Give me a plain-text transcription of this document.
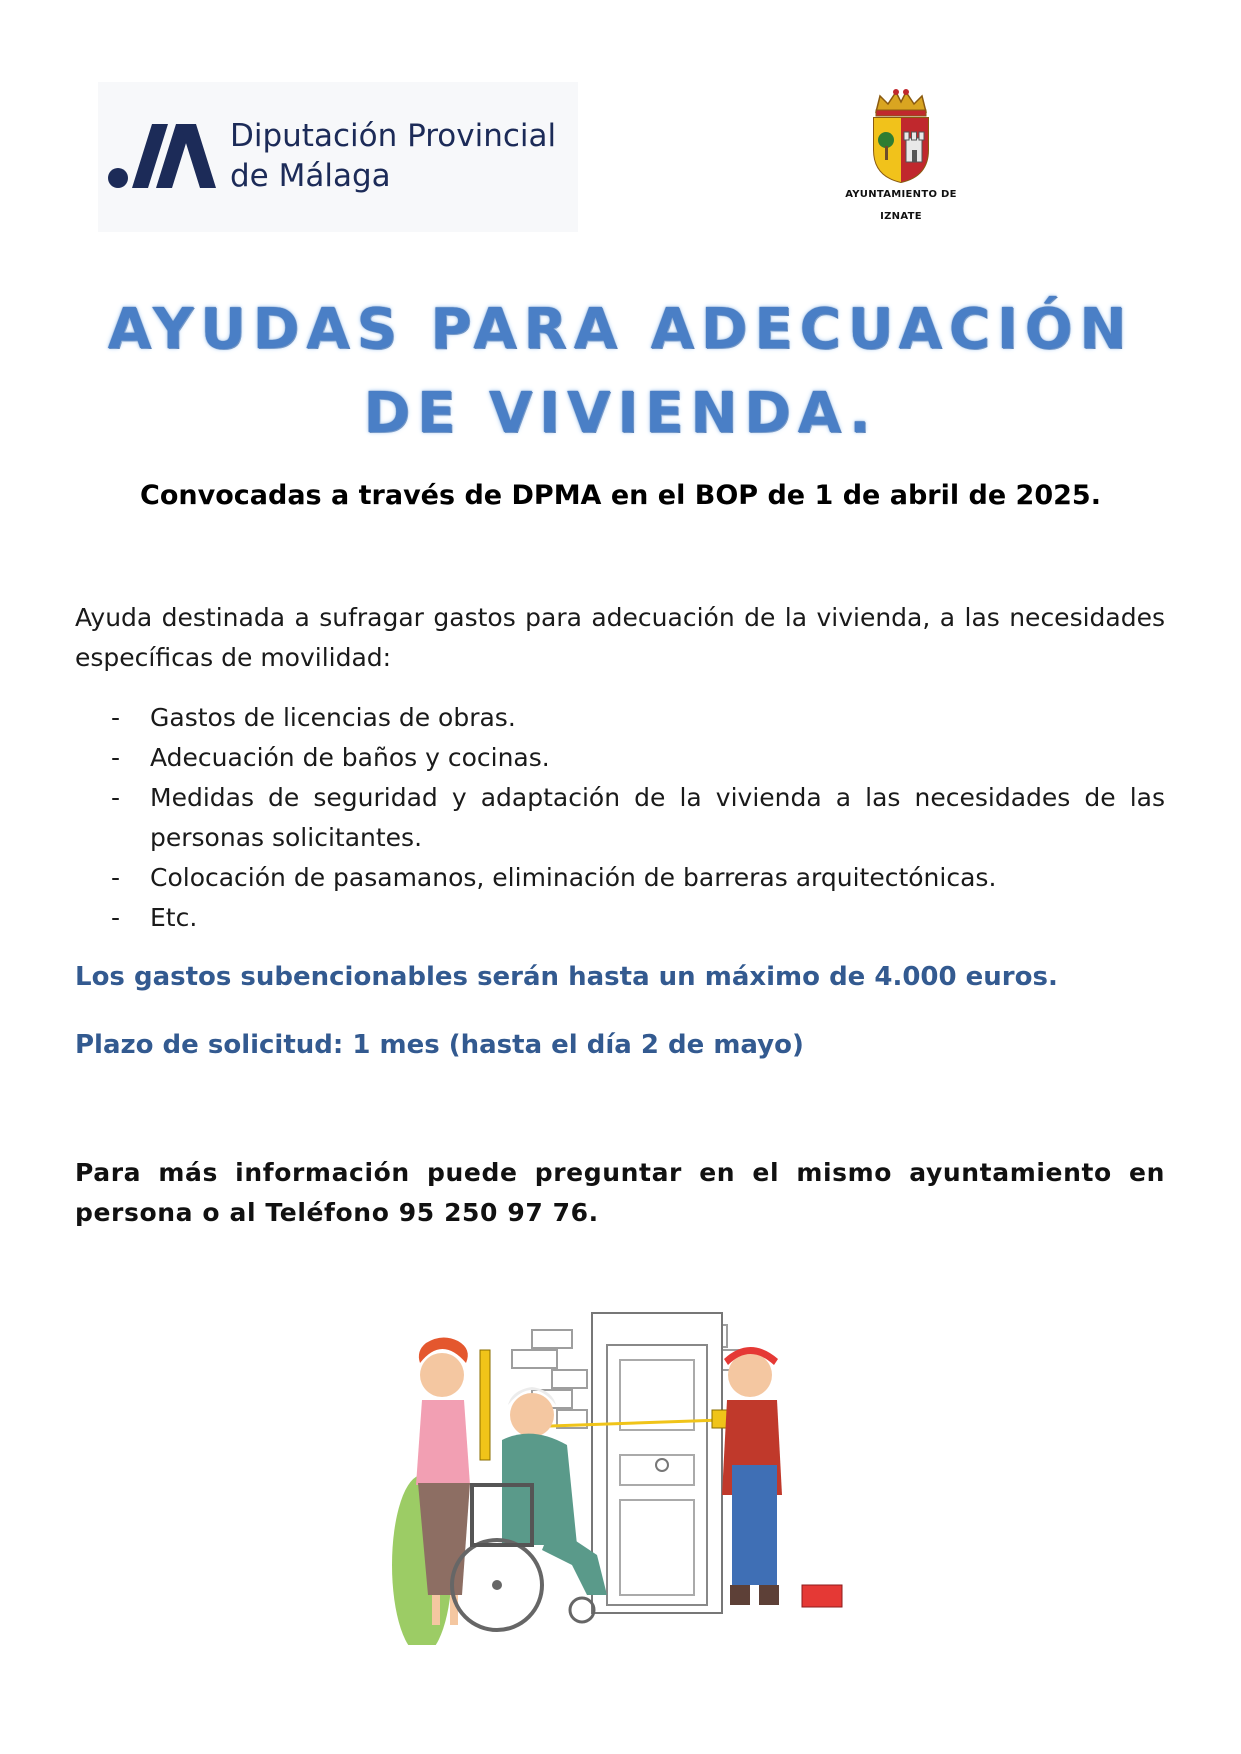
Diputación Provincial
de Málaga
AYUNTAMIENTO DE
IZNATE
AYUDAS PARA ADECUACIÓN
DE VIVIENDA.
Convocadas a través de DPMA en el BOP de 1 de abril de 2025.

Ayuda destinada a sufragar gastos para adecuación de la vivienda, a las necesidades específicas de movilidad:

- Gastos de licencias de obras.
- Adecuación de baños y cocinas.
- Medidas de seguridad y adaptación de la vivienda a las necesidades de las personas solicitantes.
- Colocación de pasamanos, eliminación de barreras arquitectónicas.
- Etc.
Los gastos subencionables serán hasta un máximo de 4.000 euros.
Plazo de solicitud: 1 mes (hasta el día 2 de mayo)
Para más información puede preguntar en el mismo ayuntamiento en persona o al Teléfono 95 250 97 76.
